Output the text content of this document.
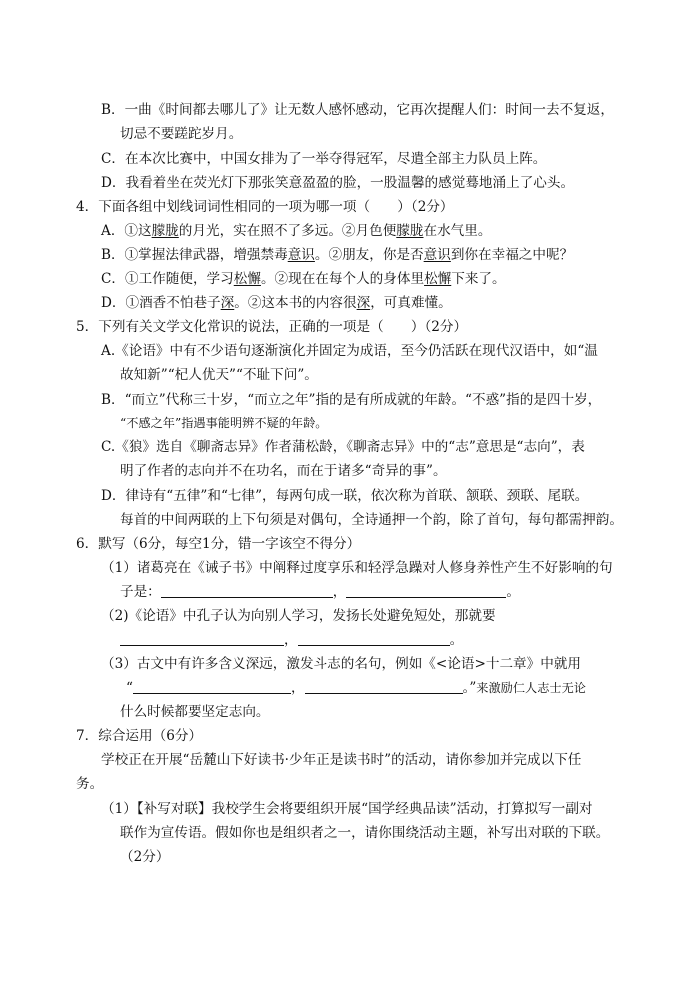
B．一曲《时间都去哪儿了》让无数人感怀感动，它再次提醒人们：时间一去不复返，
切忌不要蹉跎岁月。
C．在本次比赛中，中国女排为了一举夺得冠军，尽遣全部主力队员上阵。
D．我看着坐在荧光灯下那张笑意盈盈的脸，一股温馨的感觉蓦地涌上了心头。
4．下面各组中划线词词性相同的一项为哪一项（　　）（2分）
A．①这朦胧的月光，实在照不了多远。②月色便朦胧在水气里。
B．①掌握法律武器，增强禁毒意识。②朋友，你是否意识到你在幸福之中呢？
C．①工作随便，学习松懈。②现在在每个人的身体里松懈下来了。
D．①酒香不怕巷子深。②这本书的内容很深，可真难懂。
5．下列有关文学文化常识的说法，正确的一项是（　　）（2分）
A.《论语》中有不少语句逐渐演化并固定为成语，至今仍活跃在现代汉语中，如“温
故知新”“杞人优天”“不耻下问”。
B．“而立”代称三十岁，“而立之年”指的是有所成就的年龄。“不惑”指的是四十岁，
“不感之年”指遇事能明辨不疑的年龄。
C.《狼》选自《聊斋志异》作者蒲松龄，《聊斋志异》中的“志”意思是“志向”，表
明了作者的志向并不在功名，而在于诸多“奇异的事”。
D．律诗有“五律”和“七律”，每两句成一联，依次称为首联、颔联、颈联、尾联。
每首的中间两联的上下句须是对偶句，全诗通押一个韵，除了首句，每句都需押韵。
6．默写（6分，每空1分，错一字该空不得分）
（1）诸葛亮在《诫子书》中阐释过度享乐和轻浮急躁对人修身养性产生不好影响的句
子是：	，	。
（2)《论语》中孔子认为向别人学习，发扬长处避免短处，那就要
，	。
（3）古文中有许多含义深远，激发斗志的名句，例如《<论语>十二章》中就用
“	，	。”来激励仁人志士无论
什么时候都要坚定志向。
7．综合运用（6分）
学校正在开展“岳麓山下好读书·少年正是读书时”的活动，请你参加并完成以下任
务。
（1）【补写对联】我校学生会将要组织开展“国学经典品读”活动，打算拟写一副对
联作为宣传语。假如你也是组织者之一，请你围绕活动主题，补写出对联的下联。
（2分）
